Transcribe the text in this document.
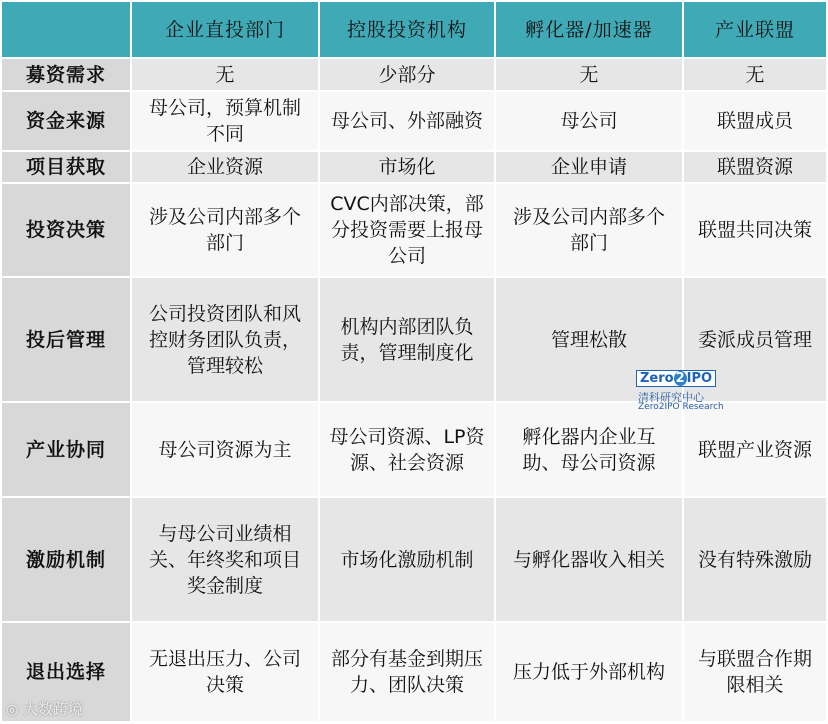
	企业直投部门	控股投资机构	孵化器/加速器	产业联盟
募资需求	无	少部分	无	无
资金来源	母公司，预算机制不同	母公司、外部融资	母公司	联盟成员
项目获取	企业资源	市场化	企业申请	联盟资源
投资决策	涉及公司内部多个部门	CVC内部决策，部分投资需要上报母公司	涉及公司内部多个部门	联盟共同决策
投后管理	公司投资团队和风控财务团队负责，管理较松	机构内部团队负责，管理制度化	管理松散	委派成员管理
产业协同	母公司资源为主	母公司资源、LP资源、社会资源	孵化器内企业互助、母公司资源	联盟产业资源
激励机制	与母公司业绩相关、年终奖和项目奖金制度	市场化激励机制	与孵化器收入相关	没有特殊激励
退出选择	无退出压力、公司决策	部分有基金到期压力、团队决策	压力低于外部机构	与联盟合作期限相关
Zero 2 IPO
清科研究中心
Zero2IPO Research
◎ 大数跨境
